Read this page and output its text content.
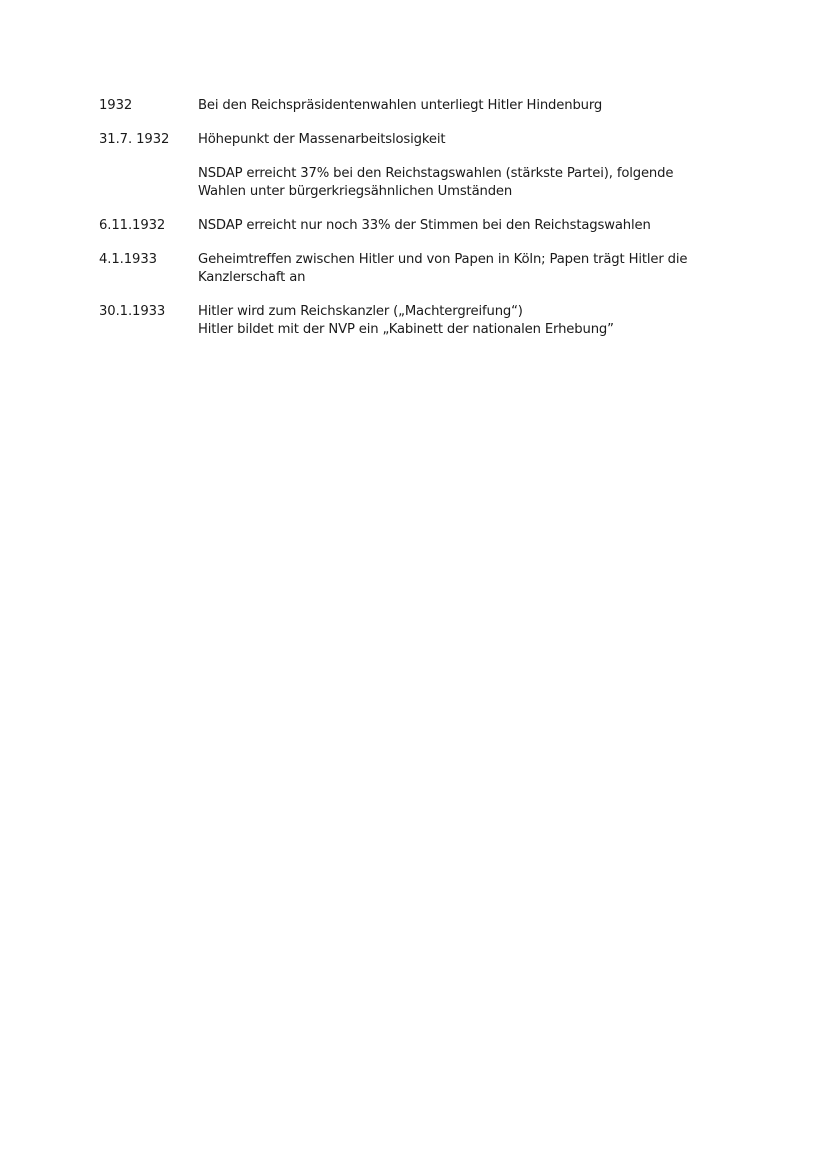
1932	Bei den Reichspräsidentenwahlen unterliegt Hitler Hindenburg
31.7. 1932	Höhepunkt der Massenarbeitslosigkeit
NSDAP erreicht 37% bei den Reichstagswahlen (stärkste Partei), folgende
Wahlen unter bürgerkriegsähnlichen Umständen
6.11.1932	NSDAP erreicht nur noch 33% der Stimmen bei den Reichstagswahlen
4.1.1933	Geheimtreffen zwischen Hitler und von Papen in Köln; Papen trägt Hitler die
Kanzlerschaft an
30.1.1933	Hitler wird zum Reichskanzler („Machtergreifung“)
Hitler bildet mit der NVP ein „Kabinett der nationalen Erhebung”
